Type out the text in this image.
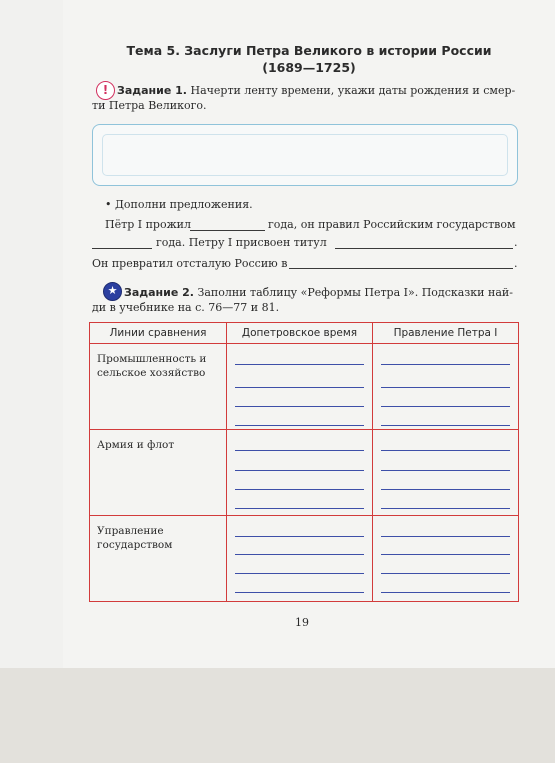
Тема 5. Заслуги Петра Великого в истории России
(1689—1725)
! Задание 1. Начерти ленту времени, укажи даты рождения и смер-
ти Петра Великого.
• Дополни предложения.
Пётр I прожил	года, он правил Российским государством
года. Петру I присвоен титул	.
Он превратил отсталую Россию в	.
★ Задание 2. Заполни таблицу «Реформы Петра I». Подсказки най-
ди в учебнике на с. 76—77 и 81.
Линии сравнения	Допетровское время	Правление Петра I
Промышленность и сельское хозяйство	

Армия и флот	

Управление государством	

19
